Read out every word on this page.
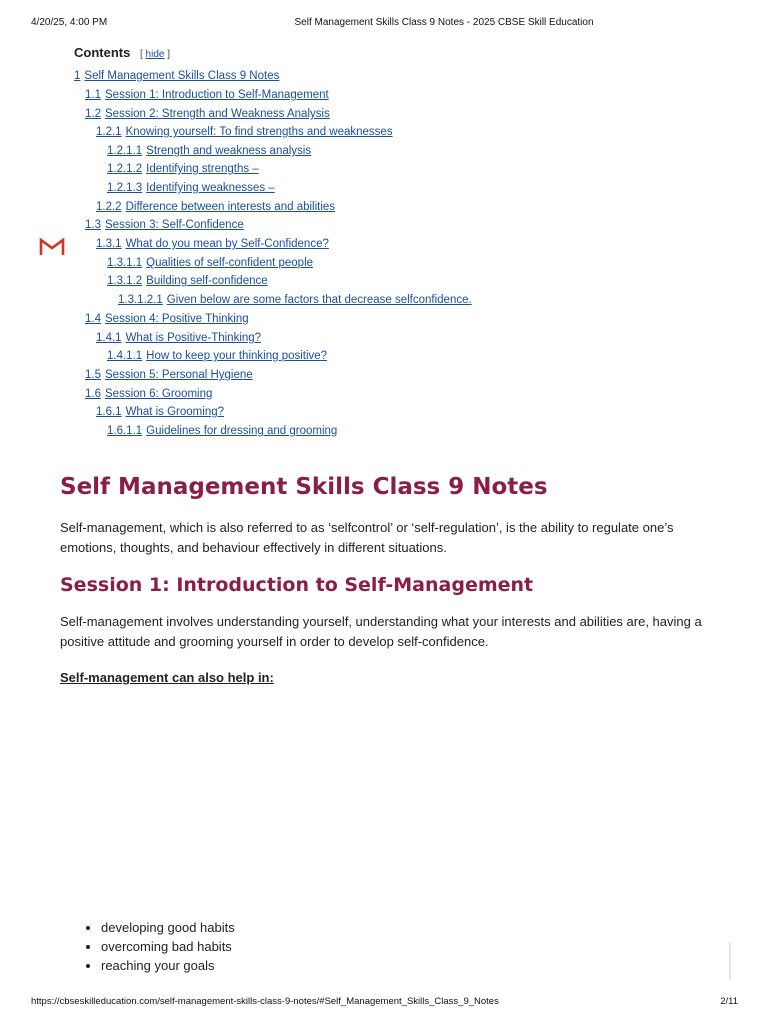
4/20/25, 4:00 PM	Self Management Skills Class 9 Notes - 2025 CBSE Skill Education
Contents [ hide ]
1 Self Management Skills Class 9 Notes
1.1 Session 1: Introduction to Self-Management
1.2 Session 2: Strength and Weakness Analysis
1.2.1 Knowing yourself: To find strengths and weaknesses
1.2.1.1 Strength and weakness analysis
1.2.1.2 Identifying strengths –
1.2.1.3 Identifying weaknesses –
1.2.2 Difference between interests and abilities
1.3 Session 3: Self-Confidence
1.3.1 What do you mean by Self-Confidence?
1.3.1.1 Qualities of self-confident people
1.3.1.2 Building self-confidence
1.3.1.2.1 Given below are some factors that decrease selfconfidence.
1.4 Session 4: Positive Thinking
1.4.1 What is Positive-Thinking?
1.4.1.1 How to keep your thinking positive?
1.5 Session 5: Personal Hygiene
1.6 Session 6: Grooming
1.6.1 What is Grooming?
1.6.1.1 Guidelines for dressing and grooming
Self Management Skills Class 9 Notes

Self-management, which is also referred to as ‘selfcontrol’ or ‘self-regulation’, is the ability to regulate one’s emotions, thoughts, and behaviour effectively in different situations.

Session 1: Introduction to Self-Management

Self-management involves understanding yourself, understanding what your interests and abilities are, having a positive attitude and grooming yourself in order to develop self-confidence.

Self-management can also help in:
• developing good habits
• overcoming bad habits
• reaching your goals
https://cbseskilleducation.com/self-management-skills-class-9-notes/#Self_Management_Skills_Class_9_Notes	2/11
